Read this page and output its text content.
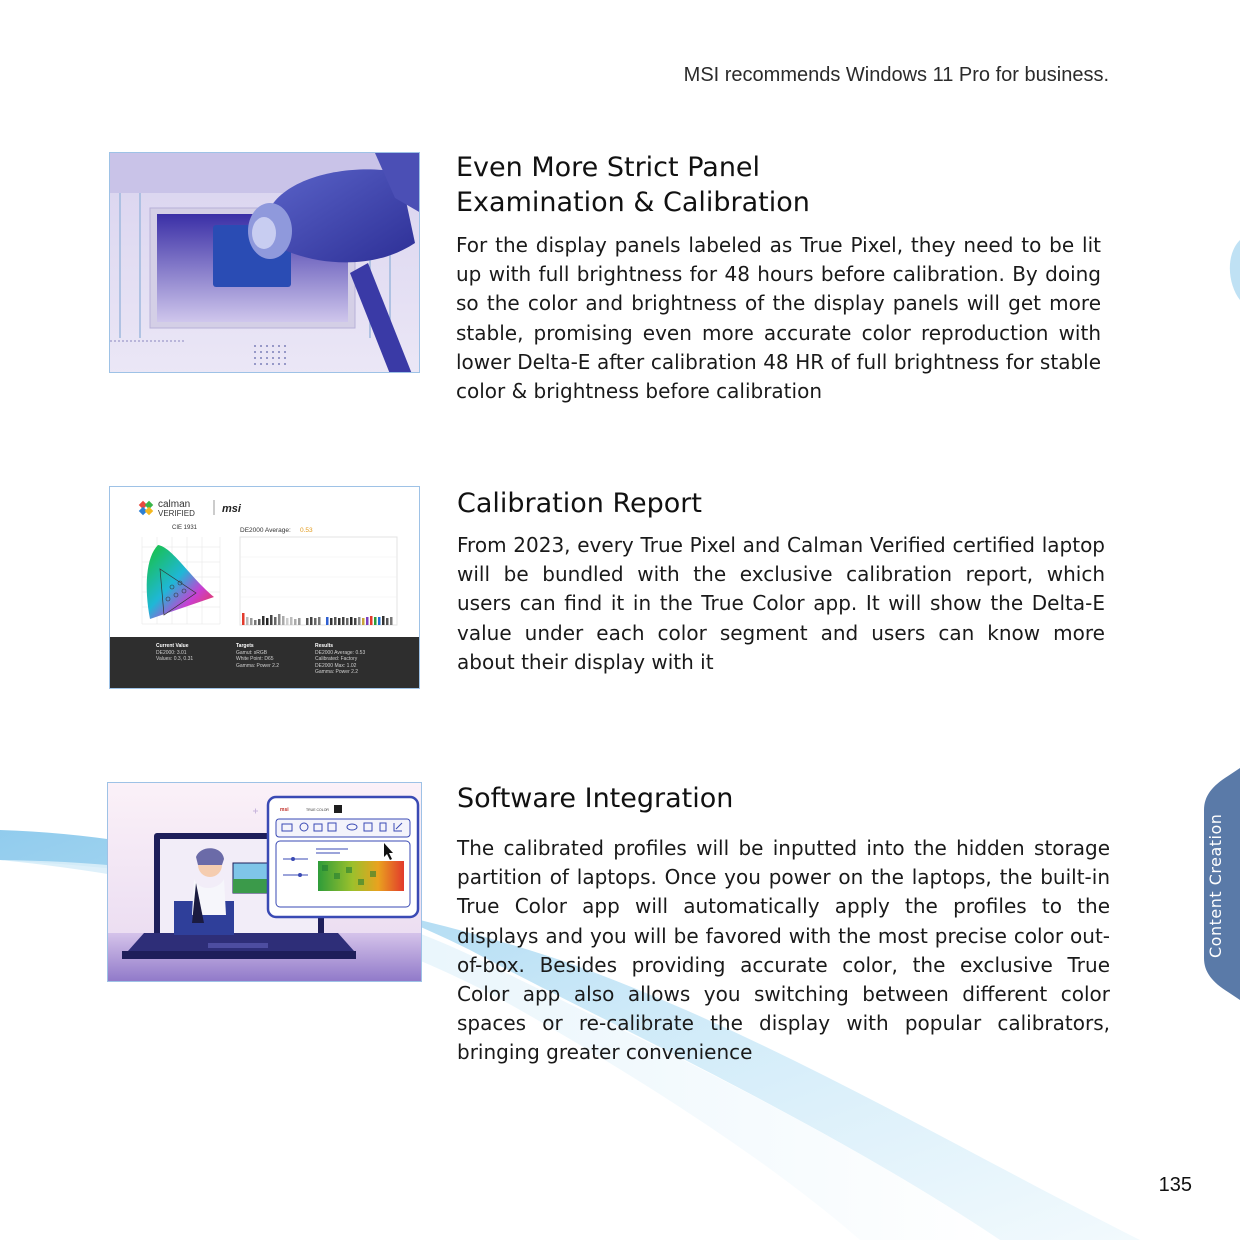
MSI recommends Windows 11 Pro for business.
Even More Strict Panel
Examination & Calibration

For the display panels labeled as True Pixel, they need to be lit up with full brightness for 48 hours before calibration. By doing so the color and brightness of the display panels will get more stable, promising even more accurate color reproduction with lower Delta-E after calibration 48 HR of full brightness for stable color & brightness before calibration

calman
VERIFIED msi
CIE 1931	DE2000 Average: 0.53
Current Value
DE2000: 3.01
Values: 0.3, 0.31
Targets
Gamut: sRGB
White Point: D65
Gamma: Power 2.2
Results
DE2000 Average: 0.53
Calibrated: Factory
DE2000 Max: 1.02
Gamma: Power 2.2
Calibration Report

From 2023, every True Pixel and Calman Verified certified laptop will be bundled with the exclusive calibration report, which users can find it in the True Color app. It will show the Delta-E value under each color segment and users can know more about their display with it

msi	TRUE COLOR	Software Integration

The calibrated profiles will be inputted into the hidden storage partition of laptops. Once you power on the laptops, the built-in True Color app will automatically apply the profiles to the displays and you will be favored with the most precise color out-of-box. Besides providing accurate color, the exclusive True Color app also allows you switching between different color spaces or re-calibrate the display with popular calibrators, bringing greater convenience

Content Creation
135
